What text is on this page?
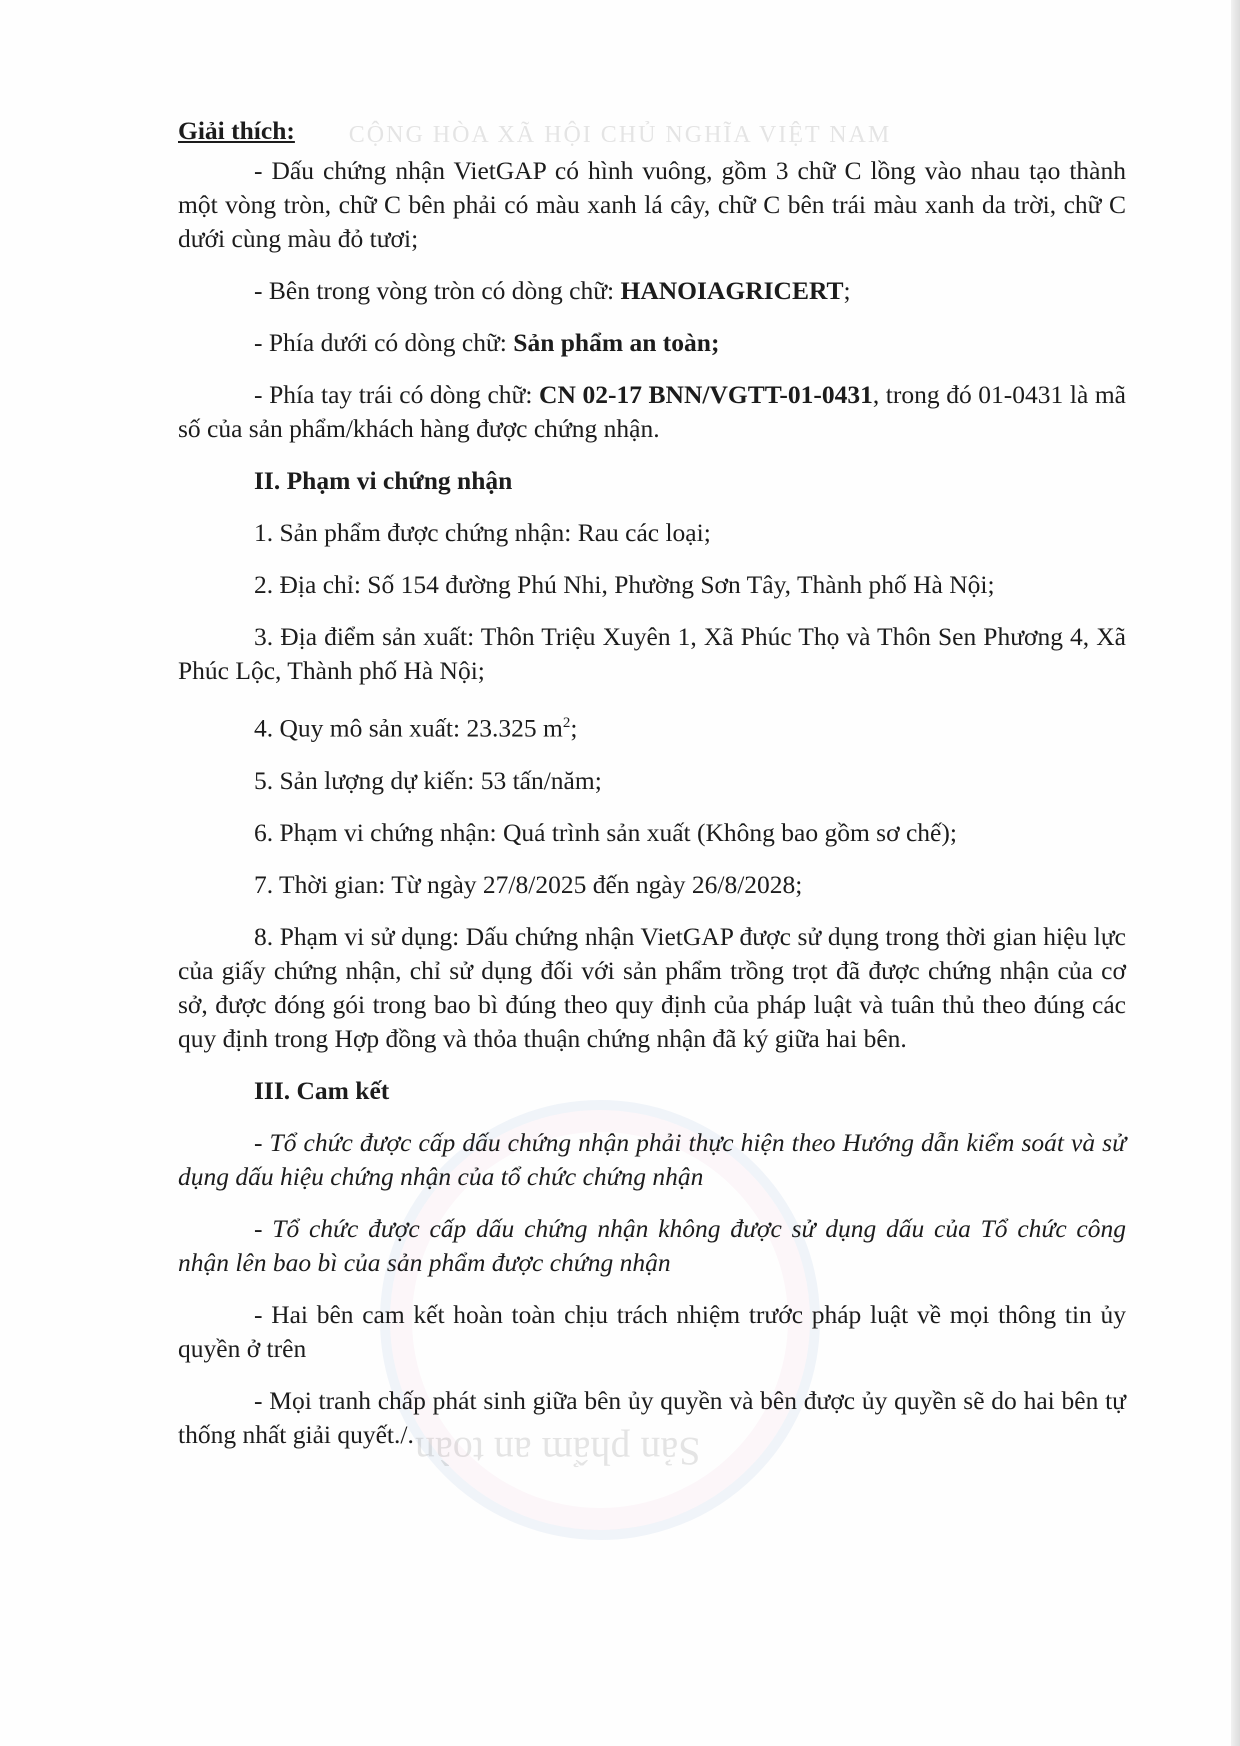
CỘNG HÒA XÃ HỘI CHỦ NGHĨA VIỆT NAM
Sản phẩm an toàn

Giải thích:

- Dấu chứng nhận VietGAP có hình vuông, gồm 3 chữ C lồng vào nhau tạo thành một vòng tròn, chữ C bên phải có màu xanh lá cây, chữ C bên trái màu xanh da trời, chữ C dưới cùng màu đỏ tươi;

- Bên trong vòng tròn có dòng chữ: HANOIAGRICERT;

- Phía dưới có dòng chữ: Sản phẩm an toàn;

- Phía tay trái có dòng chữ: CN 02-17 BNN/VGTT-01-0431, trong đó 01-0431 là mã số của sản phẩm/khách hàng được chứng nhận.

II. Phạm vi chứng nhận

1. Sản phẩm được chứng nhận: Rau các loại;

2. Địa chỉ: Số 154 đường Phú Nhi, Phường Sơn Tây, Thành phố Hà Nội;

3. Địa điểm sản xuất: Thôn Triệu Xuyên 1, Xã Phúc Thọ và Thôn Sen Phương 4, Xã Phúc Lộc, Thành phố Hà Nội;

4. Quy mô sản xuất: 23.325 $m^2$;

5. Sản lượng dự kiến: 53 tấn/năm;

6. Phạm vi chứng nhận: Quá trình sản xuất (Không bao gồm sơ chế);

7. Thời gian: Từ ngày 27/8/2025 đến ngày 26/8/2028;

8. Phạm vi sử dụng: Dấu chứng nhận VietGAP được sử dụng trong thời gian hiệu lực của giấy chứng nhận, chỉ sử dụng đối với sản phẩm trồng trọt đã được chứng nhận của cơ sở, được đóng gói trong bao bì đúng theo quy định của pháp luật và tuân thủ theo đúng các quy định trong Hợp đồng và thỏa thuận chứng nhận đã ký giữa hai bên.

III. Cam kết

- Tổ chức được cấp dấu chứng nhận phải thực hiện theo Hướng dẫn kiểm soát và sử dụng dấu hiệu chứng nhận của tổ chức chứng nhận

- Tổ chức được cấp dấu chứng nhận không được sử dụng dấu của Tổ chức công nhận lên bao bì của sản phẩm được chứng nhận

- Hai bên cam kết hoàn toàn chịu trách nhiệm trước pháp luật về mọi thông tin ủy quyền ở trên

- Mọi tranh chấp phát sinh giữa bên ủy quyền và bên được ủy quyền sẽ do hai bên tự thống nhất giải quyết./.
